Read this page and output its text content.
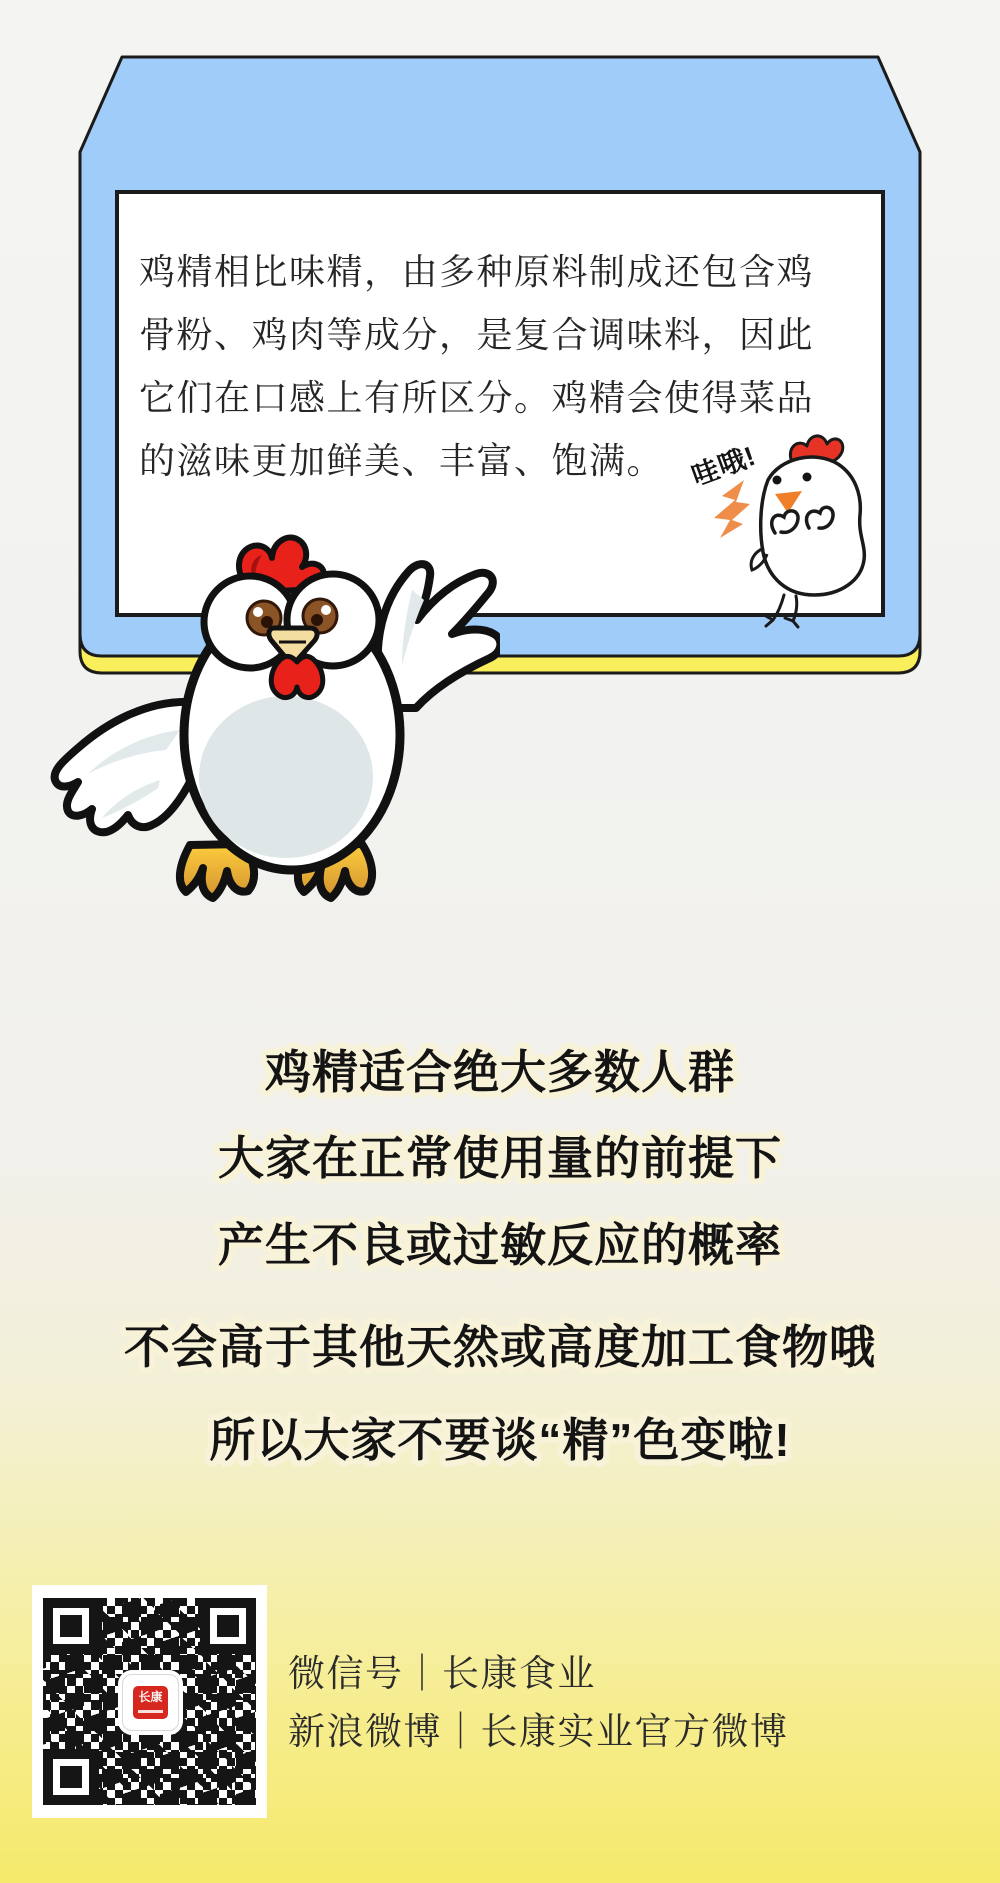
鸡精相比味精，由多种原料制成还包含鸡
骨粉、鸡肉等成分，是复合调味料，因此
它们在口感上有所区分。鸡精会使得菜品
的滋味更加鲜美、丰富、饱满。 哇哦!
鸡精适合绝大多数人群
大家在正常使用量的前提下
产生不良或过敏反应的概率
不会高于其他天然或高度加工食物哦
所以大家不要谈“精”色变啦!
长康
微信号｜长康食业
新浪微博｜长康实业官方微博
